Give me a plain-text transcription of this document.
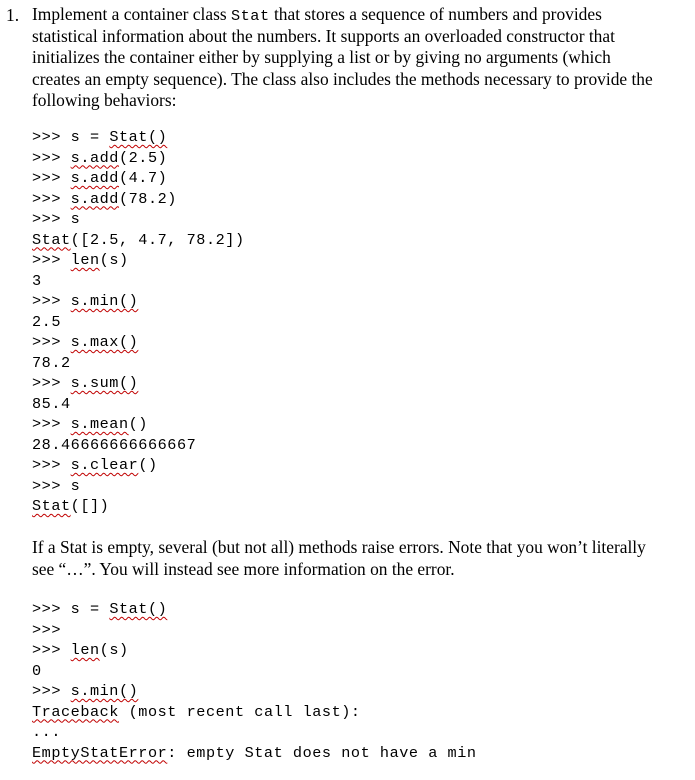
1. Implement a container class Stat that stores a sequence of numbers and provides
statistical information about the numbers. It supports an overloaded constructor that
initializes the container either by supplying a list or by giving no arguments (which
creates an empty sequence). The class also includes the methods necessary to provide the
following behaviors:
>>> s = Stat()
>>> s.add(2.5)
>>> s.add(4.7)
>>> s.add(78.2)
>>> s
Stat([2.5, 4.7, 78.2])
>>> len(s)
3
>>> s.min()
2.5
>>> s.max()
78.2
>>> s.sum()
85.4
>>> s.mean()
28.46666666666667
>>> s.clear()
>>> s
Stat([])
If a Stat is empty, several (but not all) methods raise errors. Note that you won’t literally
see “…”. You will instead see more information on the error.
>>> s = Stat()
>>>
>>> len(s)
0
>>> s.min()
Traceback (most recent call last):
...
EmptyStatError: empty Stat does not have a min
